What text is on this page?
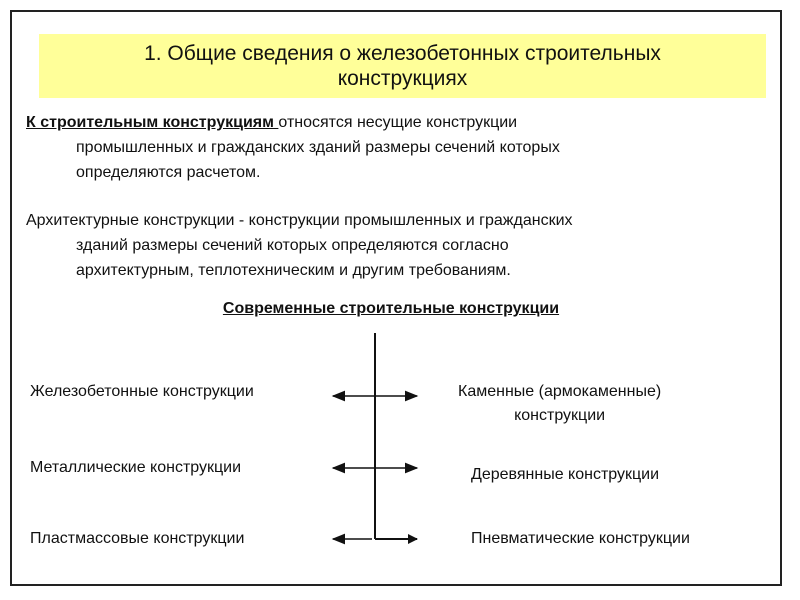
1. Общие сведения о железобетонных строительных конструкциях
К строительным конструкциям относятся несущие конструкции
промышленных и гражданских зданий размеры сечений которых
определяются расчетом.
Архитектурные конструкции - конструкции промышленных и гражданских
зданий размеры сечений которых определяются согласно
архитектурным, теплотехническим и другим требованиям.
Современные строительные конструкции
Железобетонные конструкции
Металлические конструкции
Пластмассовые конструкции
Каменные (армокаменные)
конструкции
Деревянные конструкции
Пневматические конструкции
